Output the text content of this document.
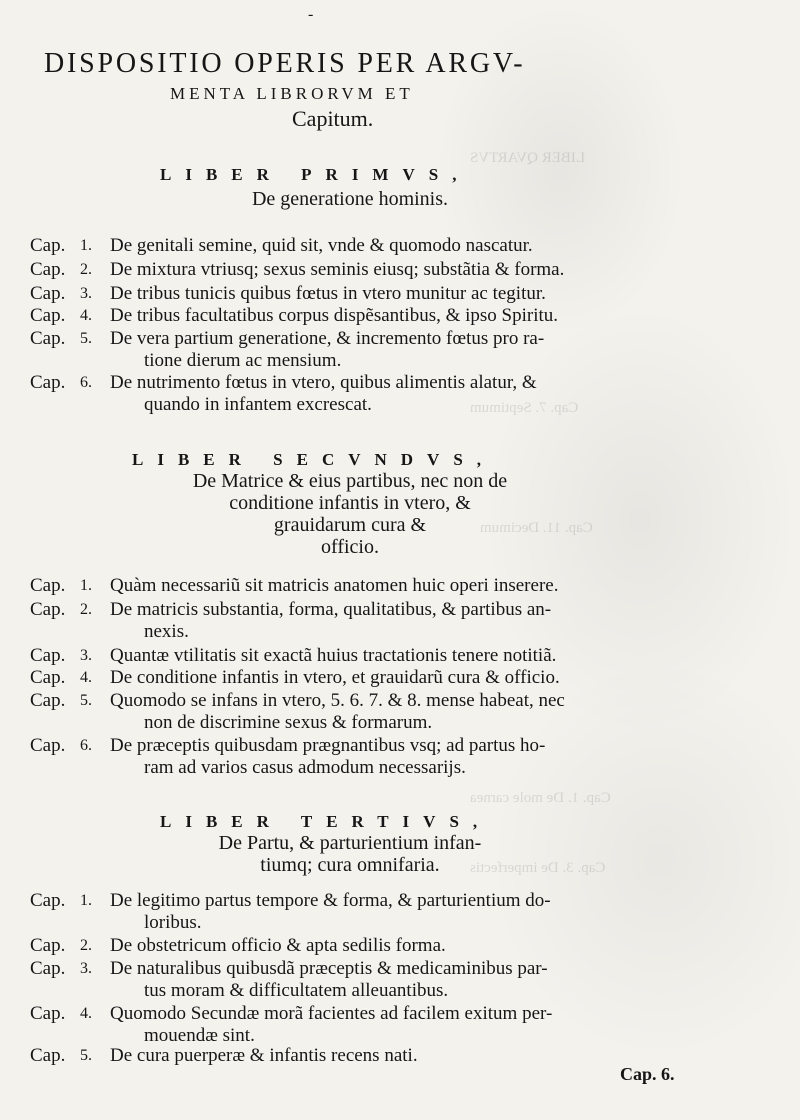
LIBER QVARTVS
Cap. 7. Septimum
Cap. 11. Decimum
Cap. 1. De mole carnea
Cap. 3. De imperfectis
-
DISPOSITIO OPERIS PER ARGV-
MENTA LIBRORVM ET
Capitum.
LIBER PRIMVS,
De generatione hominis.
Cap. 1. De genitali semine, quid sit, vnde & quomodo nascatur.
Cap. 2. De mixtura vtriusq; sexus seminis eiusq; substãtia & forma.
Cap. 3. De tribus tunicis quibus fœtus in vtero munitur ac tegitur.
Cap. 4. De tribus facultatibus corpus dispẽsantibus, & ipso Spiritu.
Cap. 5. De vera partium generatione, & incremento fœtus pro ra-
tione dierum ac mensium.
Cap. 6. De nutrimento fœtus in vtero, quibus alimentis alatur, &
quando in infantem excrescat.
LIBER SECVNDVS,
De Matrice & eius partibus, nec non de
conditione infantis in vtero, &
grauidarum cura &
officio.
Cap. 1. Quàm necessariũ sit matricis anatomen huic operi inserere.
Cap. 2. De matricis substantia, forma, qualitatibus, & partibus an-
nexis.
Cap. 3. Quantæ vtilitatis sit exactã huius tractationis tenere notitiã.
Cap. 4. De conditione infantis in vtero, et grauidarũ cura & officio.
Cap. 5. Quomodo se infans in vtero, 5. 6. 7. & 8. mense habeat, nec
non de discrimine sexus & formarum.
Cap. 6. De præceptis quibusdam prægnantibus vsq; ad partus ho-
ram ad varios casus admodum necessarijs.
LIBER TERTIVS,
De Partu, & parturientium infan-
tiumq; cura omnifaria.
Cap. 1. De legitimo partus tempore & forma, & parturientium do-
loribus.
Cap. 2. De obstetricum officio & apta sedilis forma.
Cap. 3. De naturalibus quibusdã præceptis & medicaminibus par-
tus moram & difficultatem alleuantibus.
Cap. 4. Quomodo Secundæ morã facientes ad facilem exitum per-
mouendæ sint.
Cap. 5. De cura puerperæ & infantis recens nati.
Cap. 6.
